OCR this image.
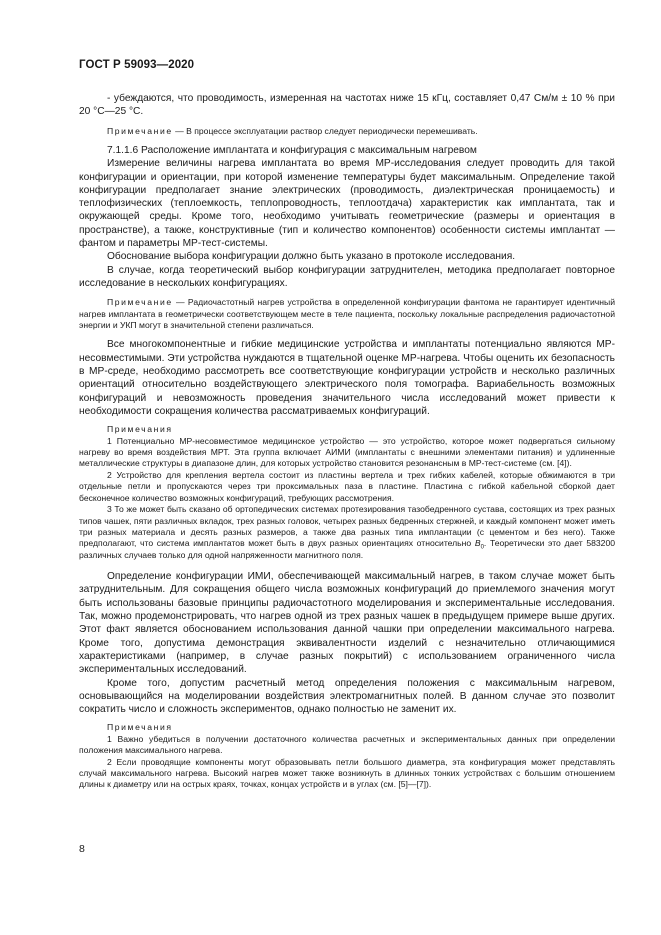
ГОСТ Р 59093—2020

- убеждаются, что проводимость, измеренная на частотах ниже 15 кГц, составляет 0,47 См/м ± 10 % при 20 °С—25 °С.

Примечание — В процессе эксплуатации раствор следует периодически перемешивать.

7.1.1.6 Расположение имплантата и конфигурация с максимальным нагревом

Измерение величины нагрева имплантата во время МР-исследования следует проводить для такой конфигурации и ориентации, при которой изменение температуры будет максимальным. Определение такой конфигурации предполагает знание электрических (проводимость, диэлектрическая проницаемость) и теплофизических (теплоемкость, теплопроводность, теплоотдача) характеристик как имплантата, так и окружающей среды. Кроме того, необходимо учитывать геометрические (размеры и ориентация в пространстве), а также, конструктивные (тип и количество компонентов) особенности системы имплантат — фантом и параметры МР-тест-системы.

Обоснование выбора конфигурации должно быть указано в протоколе исследования.

В случае, когда теоретический выбор конфигурации затруднителен, методика предполагает повторное исследование в нескольких конфигурациях.

Примечание — Радиочастотный нагрев устройства в определенной конфигурации фантома не гарантирует идентичный нагрев имплантата в геометрически соответствующем месте в теле пациента, поскольку локальные распределения радиочастотной энергии и УКП могут в значительной степени различаться.

Все многокомпонентные и гибкие медицинские устройства и имплантаты потенциально являются МР-несовместимыми. Эти устройства нуждаются в тщательной оценке МР-нагрева. Чтобы оценить их безопасность в МР-среде, необходимо рассмотреть все соответствующие конфигурации устройств и несколько различных ориентаций относительно воздействующего электрического поля томографа. Вариабельность возможных конфигураций и невозможность проведения значительного числа исследований может привести к необходимости сокращения количества рассматриваемых конфигураций.

Примечания

1 Потенциально МР-несовместимое медицинское устройство — это устройство, которое может подвергаться сильному нагреву во время воздействия МРТ. Эта группа включает АИМИ (имплантаты с внешними элементами питания) и удлиненные металлические структуры в диапазоне длин, для которых устройство становится резонансным в МР-тест-системе (см. [4]).

2 Устройство для крепления вертела состоит из пластины вертела и трех гибких кабелей, которые обжимаются в три отдельные петли и пропускаются через три проксимальных паза в пластине. Пластина с гибкой кабельной сборкой дает бесконечное количество возможных конфигураций, требующих рассмотрения.

3 То же может быть сказано об ортопедических системах протезирования тазобедренного сустава, состоящих из трех разных типов чашек, пяти различных вкладок, трех разных головок, четырех разных бедренных стержней, и каждый компонент может иметь три разных материала и десять разных размеров, а также два разных типа имплантации (с цементом и без него). Также предполагают, что система имплантатов может быть в двух разных ориентациях относительно $B_0$. Теоретически это дает 583200 различных случаев только для одной напряженности магнитного поля.

Определение конфигурации ИМИ, обеспечивающей максимальный нагрев, в таком случае может быть затруднительным. Для сокращения общего числа возможных конфигураций до приемлемого значения могут быть использованы базовые принципы радиочастотного моделирования и экспериментальные исследования. Так, можно продемонстрировать, что нагрев одной из трех разных чашек в предыдущем примере выше других. Этот факт является обоснованием использования данной чашки при определении максимального нагрева. Кроме того, допустима демонстрация эквивалентности изделий с незначительно отличающимися характеристиками (например, в случае разных покрытий) с использованием ограниченного числа экспериментальных исследований.

Кроме того, допустим расчетный метод определения положения с максимальным нагревом, основывающийся на моделировании воздействия электромагнитных полей. В данном случае это позволит сократить число и сложность экспериментов, однако полностью не заменит их.

Примечания

1 Важно убедиться в получении достаточного количества расчетных и экспериментальных данных при определении положения максимального нагрева.

2 Если проводящие компоненты могут образовывать петли большого диаметра, эта конфигурация может представлять случай максимального нагрева. Высокий нагрев может также возникнуть в длинных тонких устройствах с большим отношением длины к диаметру или на острых краях, точках, концах устройств и в углах (см. [5]—[7]).

8
